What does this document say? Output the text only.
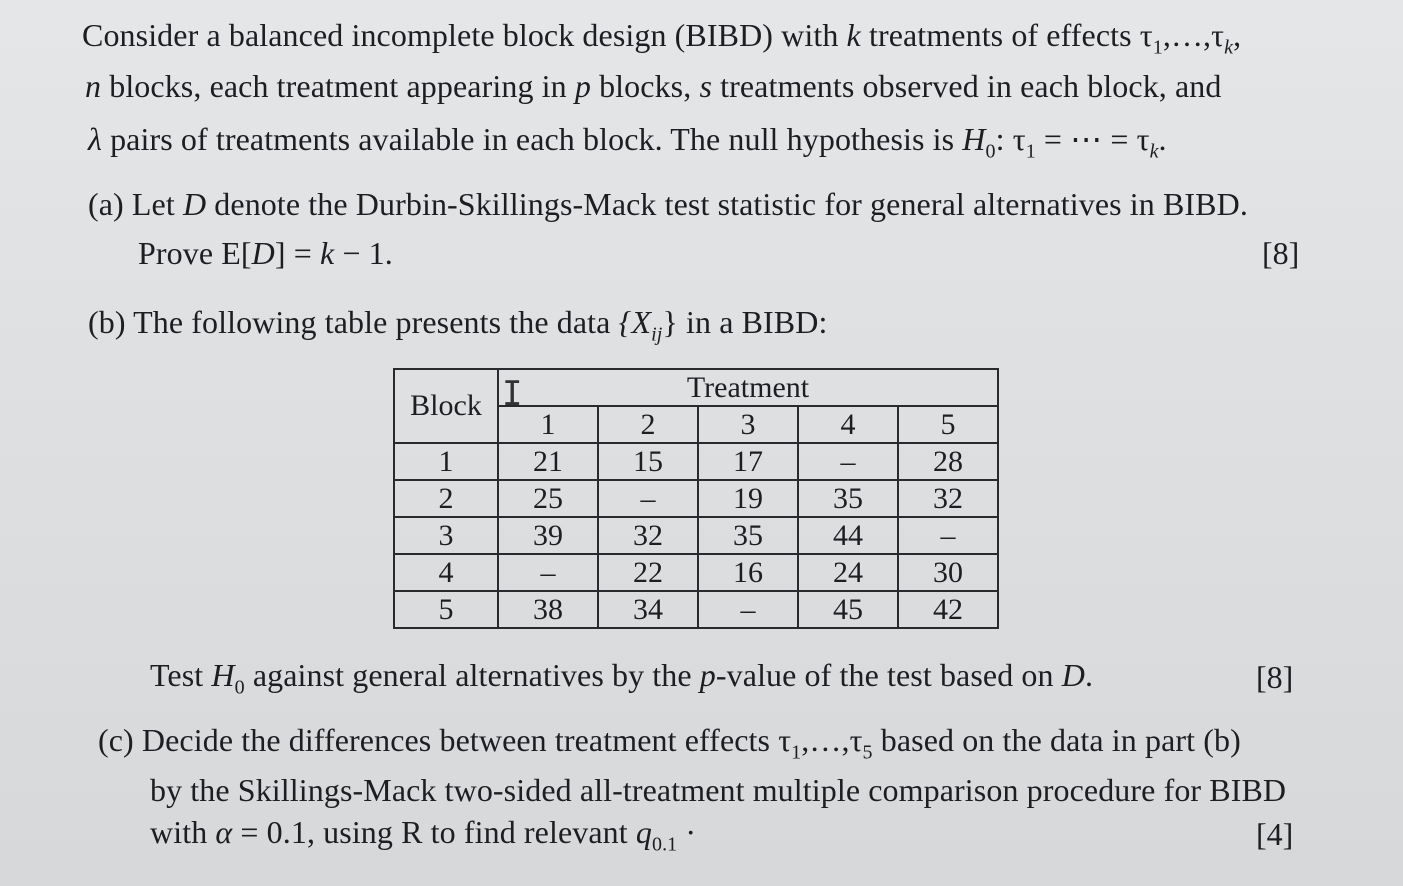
Consider a balanced incomplete block design (BIBD) with k treatments of effects $\tau_1,\dots,\tau_k$,
n blocks, each treatment appearing in p blocks, s treatments observed in each block, and
λ pairs of treatments available in each block. The null hypothesis is $H_0$: $\tau_1$ = ⋯ = $\tau_k$.
(a) Let D denote the Durbin-Skillings-Mack test statistic for general alternatives in BIBD.
Prove E[D] = k − 1.	[8]
(b) The following table presents the data $\{X_{ij}\}$ in a BIBD:
Block	Treatment				
	1	2	3	4	5
1	21	15	17	–	28
2	25	–	19	35	32
3	39	32	35	44	–
4	–	22	16	24	30
5	38	34	–	45	42
I
Test $H_0$ against general alternatives by the p-value of the test based on D.	[8]
(c) Decide the differences between treatment effects $\tau_1,\dots,\tau_5$ based on the data in part (b)
by the Skillings-Mack two-sided all-treatment multiple comparison procedure for BIBD
with α = 0.1, using R to find relevant $q_{0.1}$ ·	[4]
